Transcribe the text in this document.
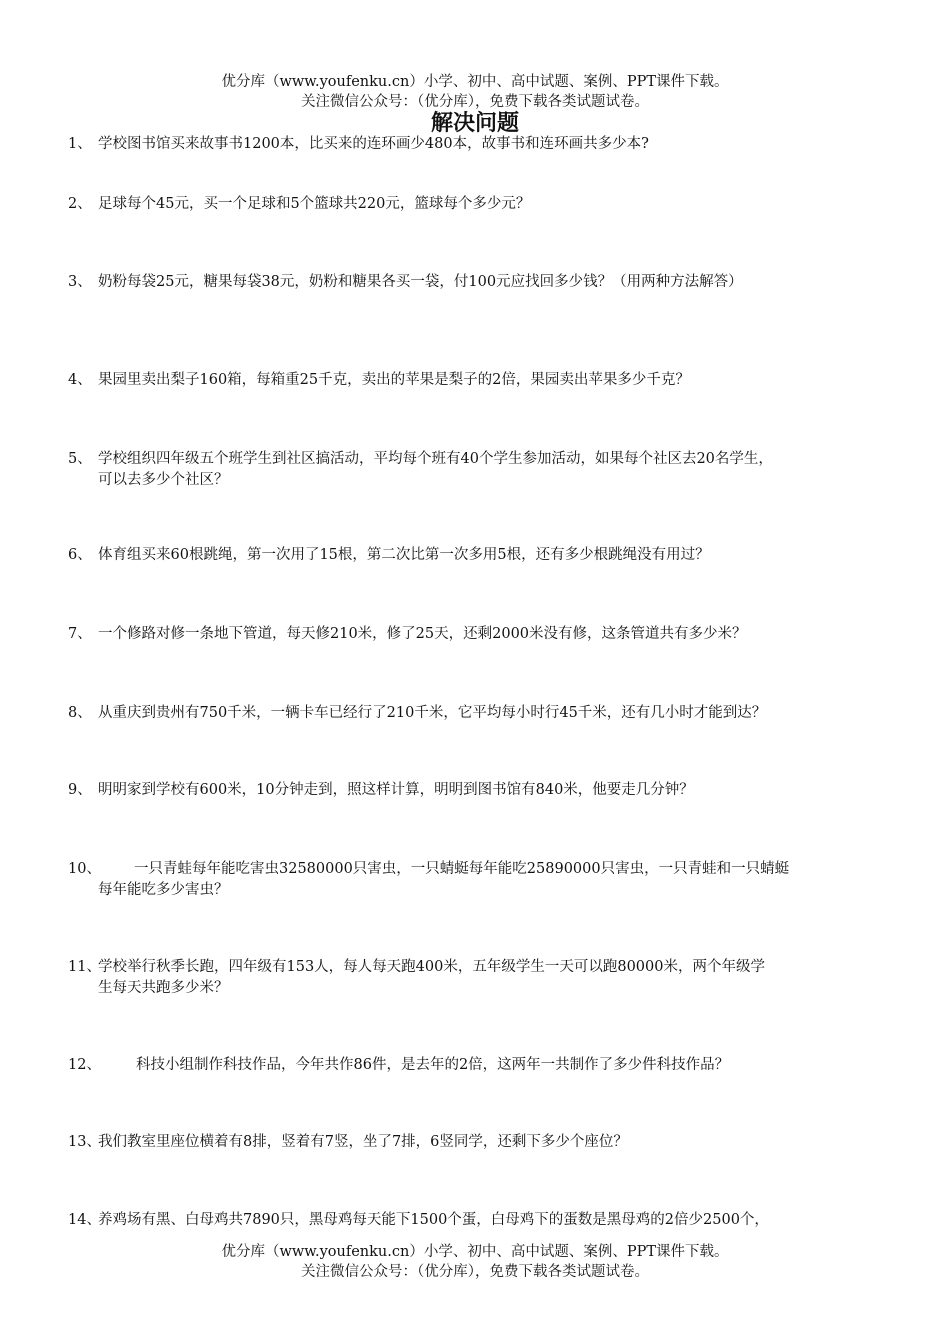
优分库（www.youfenku.cn）小学、初中、高中试题、案例、PPT课件下载。
关注微信公众号：（优分库），免费下载各类试题试卷。
解决问题
1、 学校图书馆买来故事书1200本，比买来的连环画少480本，故事书和连环画共多少本?
2、 足球每个45元，买一个足球和5个篮球共220元，篮球每个多少元？
3、 奶粉每袋25元，糖果每袋38元，奶粉和糖果各买一袋，付100元应找回多少钱？（用两种方法解答）
4、 果园里卖出梨子160箱，每箱重25千克，卖出的苹果是梨子的2倍，果园卖出苹果多少千克？
5、 学校组织四年级五个班学生到社区搞活动，平均每个班有40个学生参加活动，如果每个社区去20名学生，
可以去多少个社区？
6、 体育组买来60根跳绳，第一次用了15根，第二次比第一次多用5根，还有多少根跳绳没有用过？
7、 一个修路对修一条地下管道，每天修210米，修了25天，还剩2000米没有修，这条管道共有多少米？
8、 从重庆到贵州有750千米，一辆卡车已经行了210千米，它平均每小时行45千米，还有几小时才能到达？
9、 明明家到学校有600米，10分钟走到，照这样计算，明明到图书馆有840米，他要走几分钟？
10、 一只青蛙每年能吃害虫32580000只害虫，一只蜻蜓每年能吃25890000只害虫，一只青蛙和一只蜻蜓
每年能吃多少害虫？
11、学校举行秋季长跑，四年级有153人，每人每天跑400米，五年级学生一天可以跑80000米，两个年级学
生每天共跑多少米？
12、 科技小组制作科技作品，今年共作86件，是去年的2倍，这两年一共制作了多少件科技作品？
13、我们教室里座位横着有8排，竖着有7竖，坐了7排，6竖同学，还剩下多少个座位？
14、养鸡场有黑、白母鸡共7890只，黑母鸡每天能下1500个蛋，白母鸡下的蛋数是黑母鸡的2倍少2500个，
优分库（www.youfenku.cn）小学、初中、高中试题、案例、PPT课件下载。
关注微信公众号：（优分库），免费下载各类试题试卷。
